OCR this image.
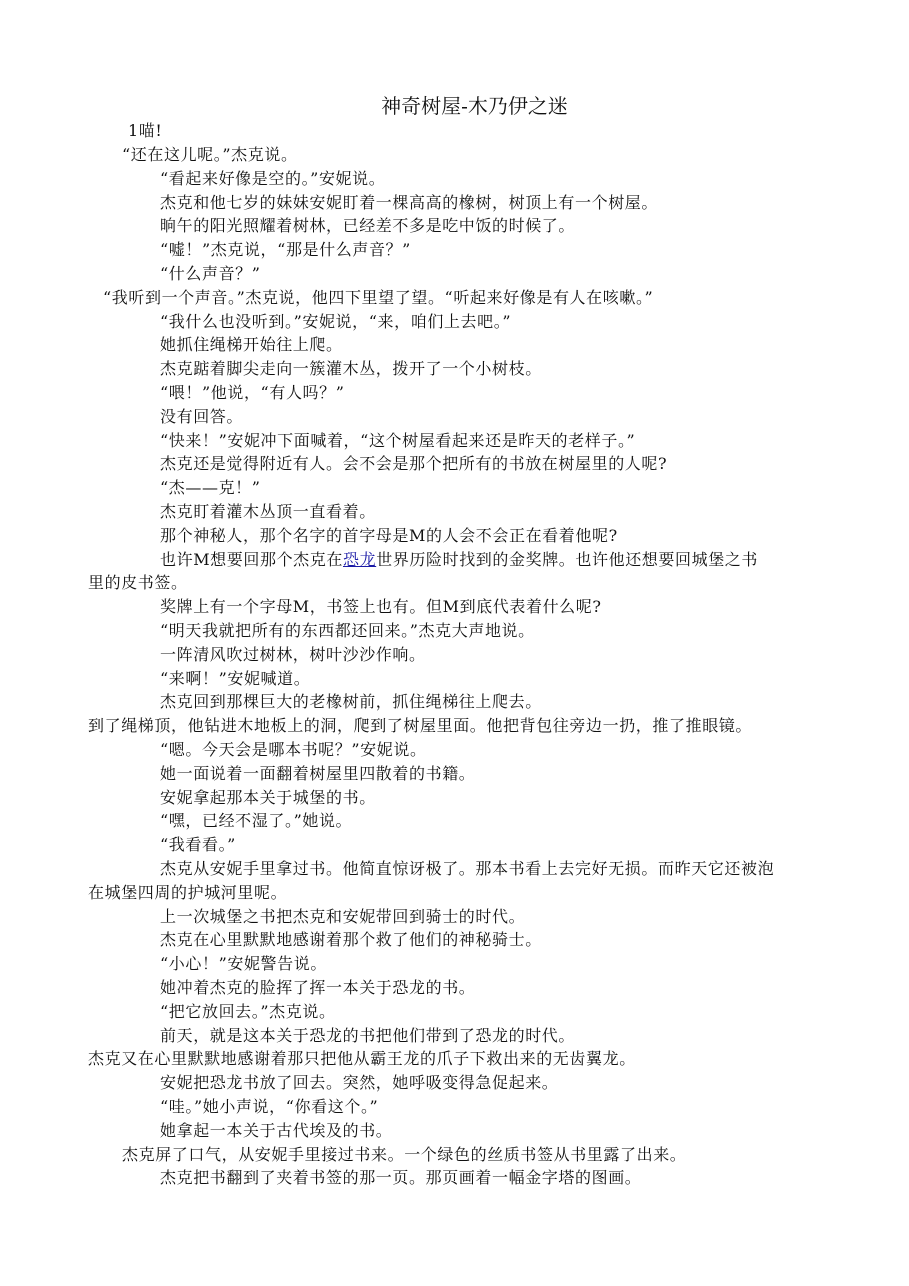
神奇树屋-木乃伊之迷
1喵!
“还在这儿呢。”杰克说。
“看起来好像是空的。”安妮说。
杰克和他七岁的妹妹安妮盯着一棵高高的橡树，树顶上有一个树屋。
晌午的阳光照耀着树林，已经差不多是吃中饭的时候了。
“嘘！”杰克说，“那是什么声音？”
“什么声音？”
“我听到一个声音。”杰克说，他四下里望了望。“听起来好像是有人在咳嗽。”
“我什么也没听到。”安妮说，“来，咱们上去吧。”
她抓住绳梯开始往上爬。
杰克踮着脚尖走向一簇灌木丛，拨开了一个小树枝。
“喂！”他说，“有人吗？”
没有回答。
“快来！”安妮冲下面喊着，“这个树屋看起来还是昨天的老样子。”
杰克还是觉得附近有人。会不会是那个把所有的书放在树屋里的人呢?
“杰——克！”
杰克盯着灌木丛顶一直看着。
那个神秘人，那个名字的首字母是M的人会不会正在看着他呢?
也许M想要回那个杰克在恐龙世界历险时找到的金奖牌。也许他还想要回城堡之书
里的皮书签。
奖牌上有一个字母M，书签上也有。但M到底代表着什么呢?
“明天我就把所有的东西都还回来。”杰克大声地说。
一阵清风吹过树林，树叶沙沙作响。
“来啊！”安妮喊道。
杰克回到那棵巨大的老橡树前，抓住绳梯往上爬去。
到了绳梯顶，他钻进木地板上的洞，爬到了树屋里面。他把背包往旁边一扔，推了推眼镜。
“嗯。今天会是哪本书呢？”安妮说。
她一面说着一面翻着树屋里四散着的书籍。
安妮拿起那本关于城堡的书。
“嘿，已经不湿了。”她说。
“我看看。”
杰克从安妮手里拿过书。他简直惊讶极了。那本书看上去完好无损。而昨天它还被泡
在城堡四周的护城河里呢。
上一次城堡之书把杰克和安妮带回到骑士的时代。
杰克在心里默默地感谢着那个救了他们的神秘骑士。
“小心！”安妮警告说。
她冲着杰克的脸挥了挥一本关于恐龙的书。
“把它放回去。”杰克说。
前天，就是这本关于恐龙的书把他们带到了恐龙的时代。
杰克又在心里默默地感谢着那只把他从霸王龙的爪子下救出来的无齿翼龙。
安妮把恐龙书放了回去。突然，她呼吸变得急促起来。
“哇。”她小声说，“你看这个。”
她拿起一本关于古代埃及的书。
杰克屏了口气，从安妮手里接过书来。一个绿色的丝质书签从书里露了出来。
杰克把书翻到了夹着书签的那一页。那页画着一幅金字塔的图画。
